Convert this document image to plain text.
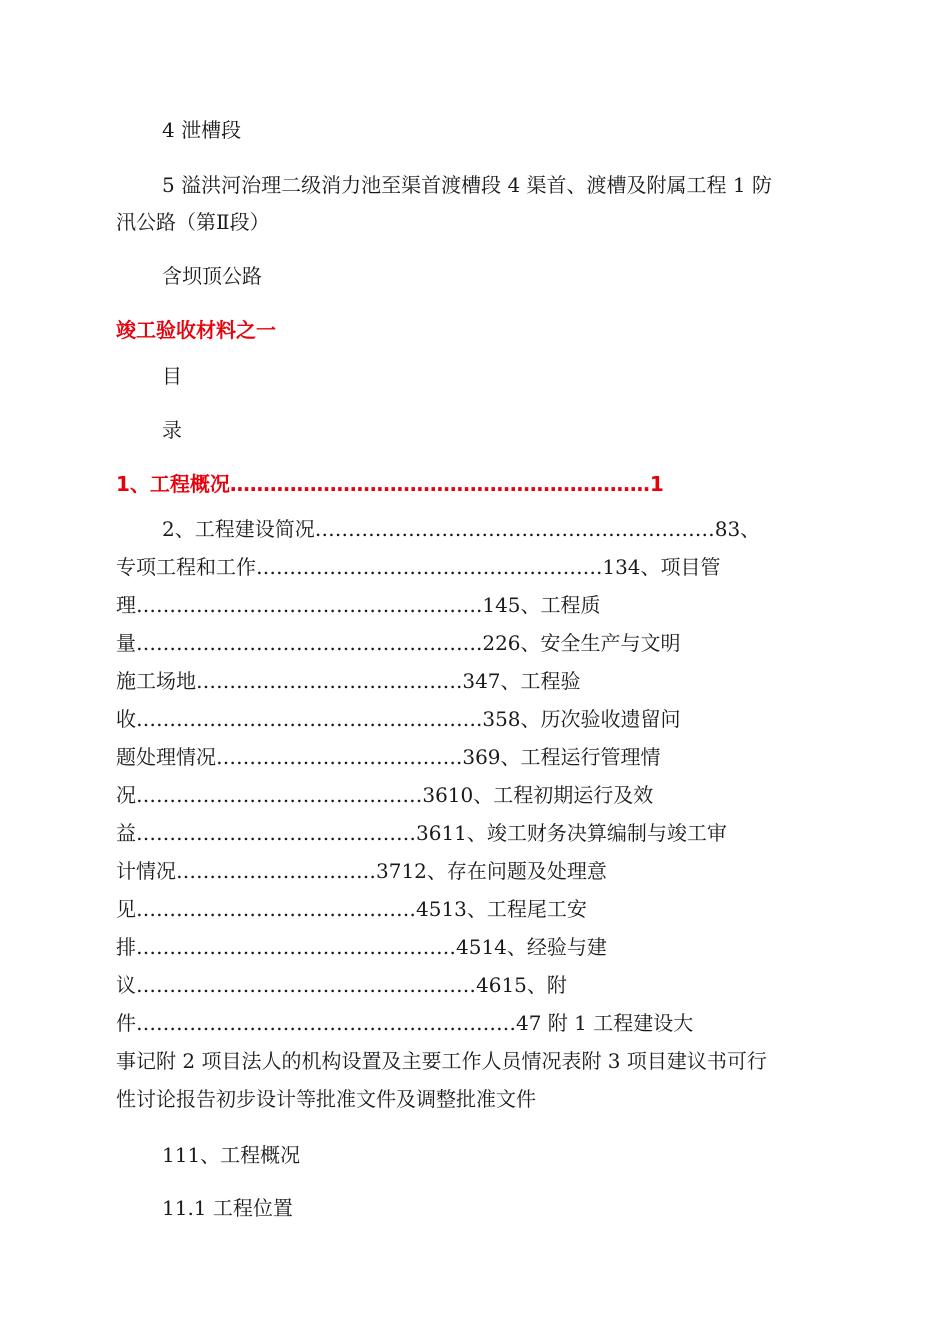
4 泄槽段
5 溢洪河治理二级消力池至渠首渡槽段 4 渠首、渡槽及附属工程 1 防
汛公路（第Ⅱ段）
含坝顶公路
竣工验收材料之一
目
录
1、工程概况………………………………………………………1
2、工程建设简况……………………………………………………83、
专项工程和工作…………………………………………….134、项目管
理…………………………………………….145、工程质
量…………………………………………….226、安全生产与文明
施工场地………………………………….347、工程验
收…………………………………………….358、历次验收遗留问
题处理情况……………………………….369、工程运行管理情
况……………………………….……3610、工程初期运行及效
益……………………………………3611、竣工财务决算编制与竣工审
计情况…………………………3712、存在问题及处理意
见……………………………………4513、工程尾工安
排…………………………………………4514、经验与建
议……………………………………………4615、附
件…………………………………………………47 附 1 工程建设大
事记附 2 项目法人的机构设置及主要工作人员情况表附 3 项目建议书可行
性讨论报告初步设计等批准文件及调整批准文件
111、工程概况
11.1 工程位置
